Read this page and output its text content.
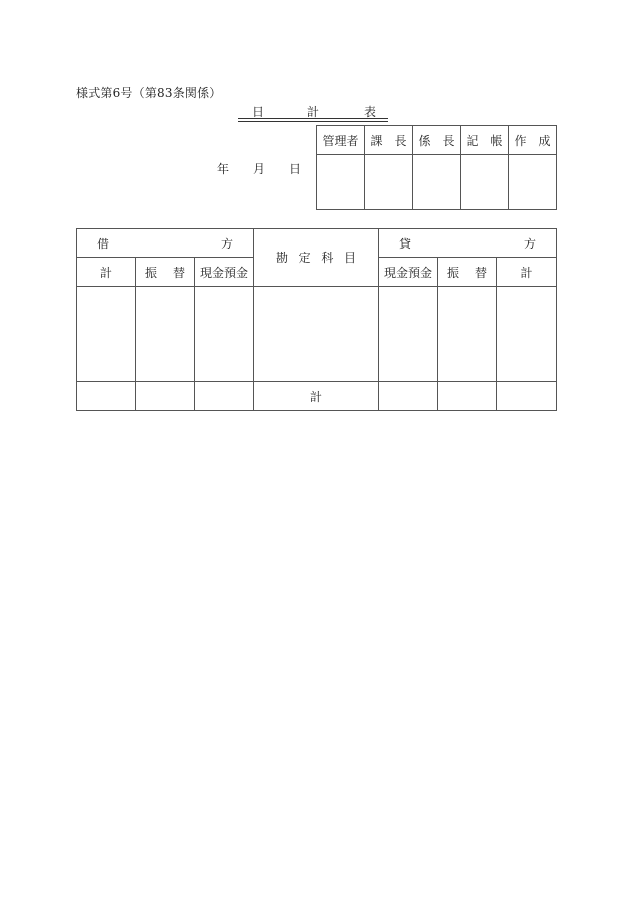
様式第6号（第83条関係）
日	計	表
年 月 日
管理者	課　長	係　長	記　帳	作　成

借 方			勘 定 科 目	貸 方		

計	振 替	現金預金		現金預金	振 替	計

			計			
